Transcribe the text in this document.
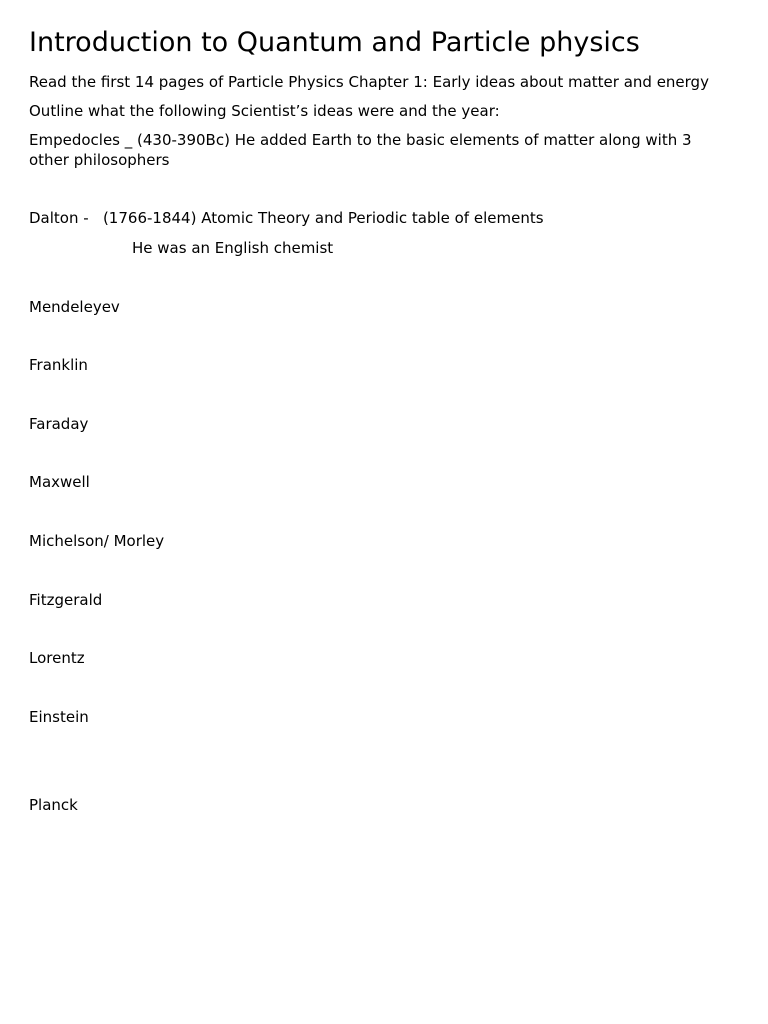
Introduction to Quantum and Particle physics
Read the first 14 pages of Particle Physics Chapter 1: Early ideas about matter and energy
Outline what the following Scientist’s ideas were and the year:
Empedocles _ (430-390Bc) He added Earth to the basic elements of matter along with 3 other philosophers
Dalton -   (1766-1844) Atomic Theory and Periodic table of elements
He was an English chemist
Mendeleyev
Franklin
Faraday
Maxwell
Michelson/ Morley
Fitzgerald
Lorentz
Einstein
Planck
